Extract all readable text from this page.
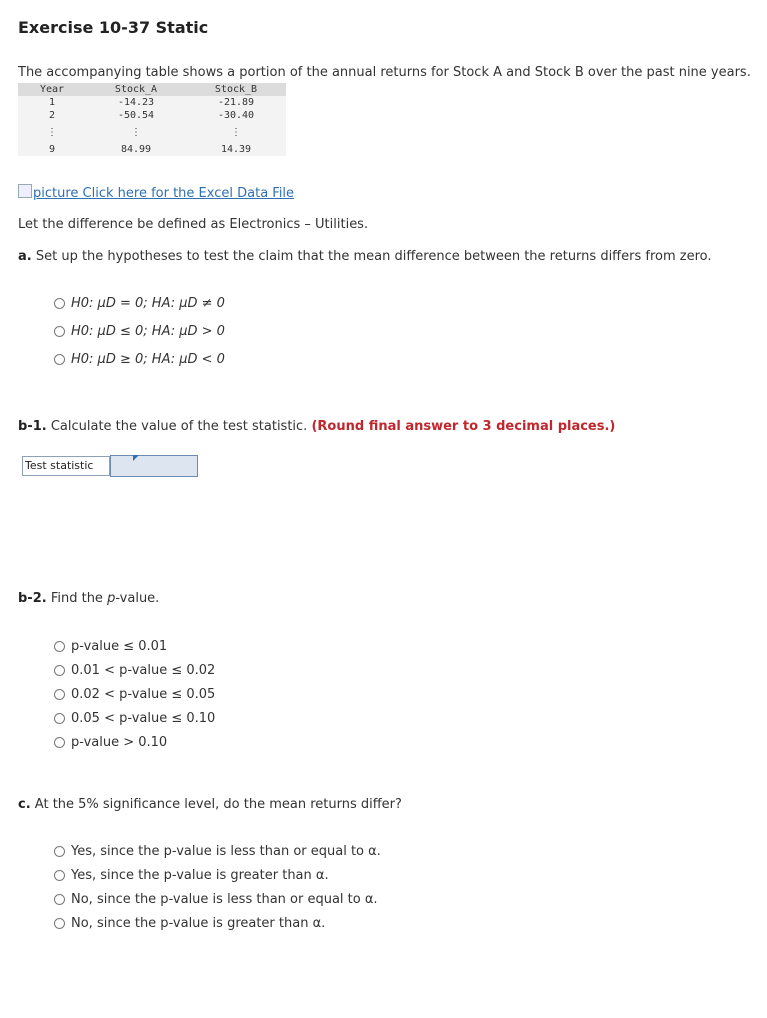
Exercise 10-37 Static
The accompanying table shows a portion of the annual returns for Stock A and Stock B over the past nine years.
Year	Stock_A	Stock_B
1	-14.23	-21.89
2	-50.54	-30.40
⋮	⋮	⋮
9	84.99	14.39
picture Click here for the Excel Data File
Let the difference be defined as Electronics – Utilities.
a. Set up the hypotheses to test the claim that the mean difference between the returns differs from zero.
H0: μD = 0;
HA: μD ≠ 0
H0: μD ≤ 0;
HA: μD > 0
H0: μD ≥ 0;
HA: μD < 0
b-1. Calculate the value of the test statistic. (Round final answer to 3 decimal places.)
Test statistic
b-2. Find the p-value.
p-value ≤ 0.01
0.01 < p-value ≤ 0.02
0.02 < p-value ≤ 0.05
0.05 < p-value ≤ 0.10
p-value > 0.10
c. At the 5% significance level, do the mean returns differ?
Yes, since the p-value is less than or equal to α.
Yes, since the p-value is greater than α.
No, since the p-value is less than or equal to α.
No, since the p-value is greater than α.
